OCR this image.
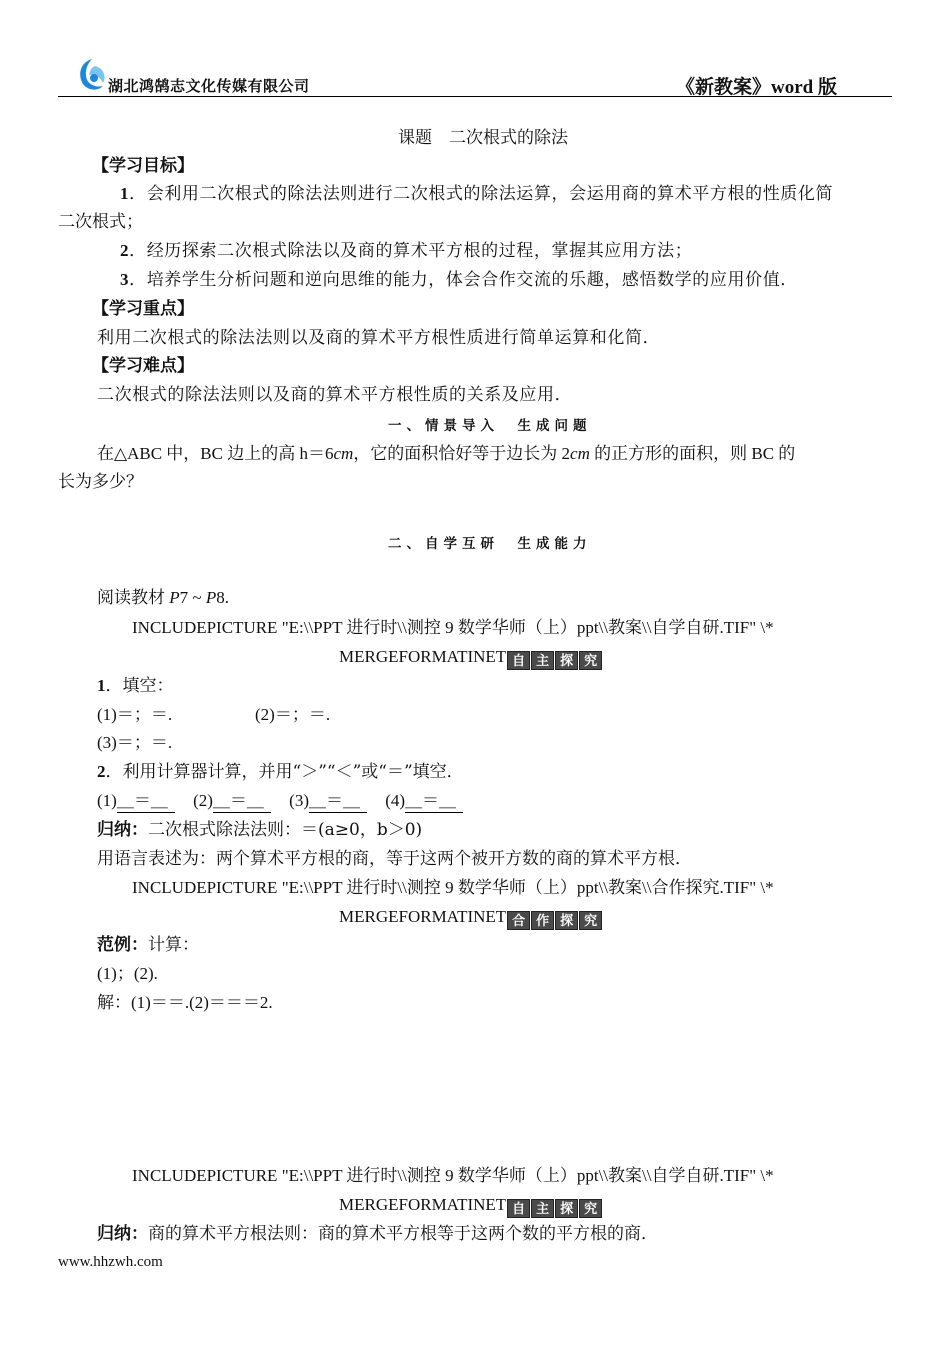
湖北鸿鹄志文化传媒有限公司	《新教案》word 版
课题　二次根式的除法
【学习目标】
1．会利用二次根式的除法法则进行二次根式的除法运算，会运用商的算术平方根的性质化简
二次根式；
2．经历探索二次根式除法以及商的算术平方根的过程，掌握其应用方法；
3．培养学生分析问题和逆向思维的能力，体会合作交流的乐趣，感悟数学的应用价值．
【学习重点】
利用二次根式的除法法则以及商的算术平方根性质进行简单运算和化简．
【学习难点】
二次根式的除法法则以及商的算术平方根性质的关系及应用．
一、情景导入　生成问题
在△ABC 中，BC 边上的高 h＝6cm，它的面积恰好等于边长为 2cm 的正方形的面积，则 BC 的
长为多少？
二、自学互研　生成能力
阅读教材 P7 ~ P8.
INCLUDEPICTURE "E:\\PPT 进行时\\测控 9 数学华师（上）ppt\\教案\\自学自研.TIF" \*
MERGEFORMATINET 自 主 探 究
1．填空：
(1)＝；＝.	(2)＝；＝.
(3)＝；＝.
2．利用计算器计算，并用“＞”“＜”或“＝”填空．
(1)＿＝＿ (2)＿＝＿ (3)＿＝＿ (4)＿＝＿
归纳：二次根式除法法则：＝(a≥0，b＞0)
用语言表述为：两个算术平方根的商，等于这两个被开方数的商的算术平方根．
INCLUDEPICTURE "E:\\PPT 进行时\\测控 9 数学华师（上）ppt\\教案\\合作探究.TIF" \*
MERGEFORMATINET 合 作 探 究
范例：计算：
(1)；(2).
解：(1)＝＝.(2)＝＝＝2.
INCLUDEPICTURE "E:\\PPT 进行时\\测控 9 数学华师（上）ppt\\教案\\自学自研.TIF" \*
MERGEFORMATINET 自 主 探 究
归纳：商的算术平方根法则：商的算术平方根等于这两个数的平方根的商．
www.hhzwh.com
